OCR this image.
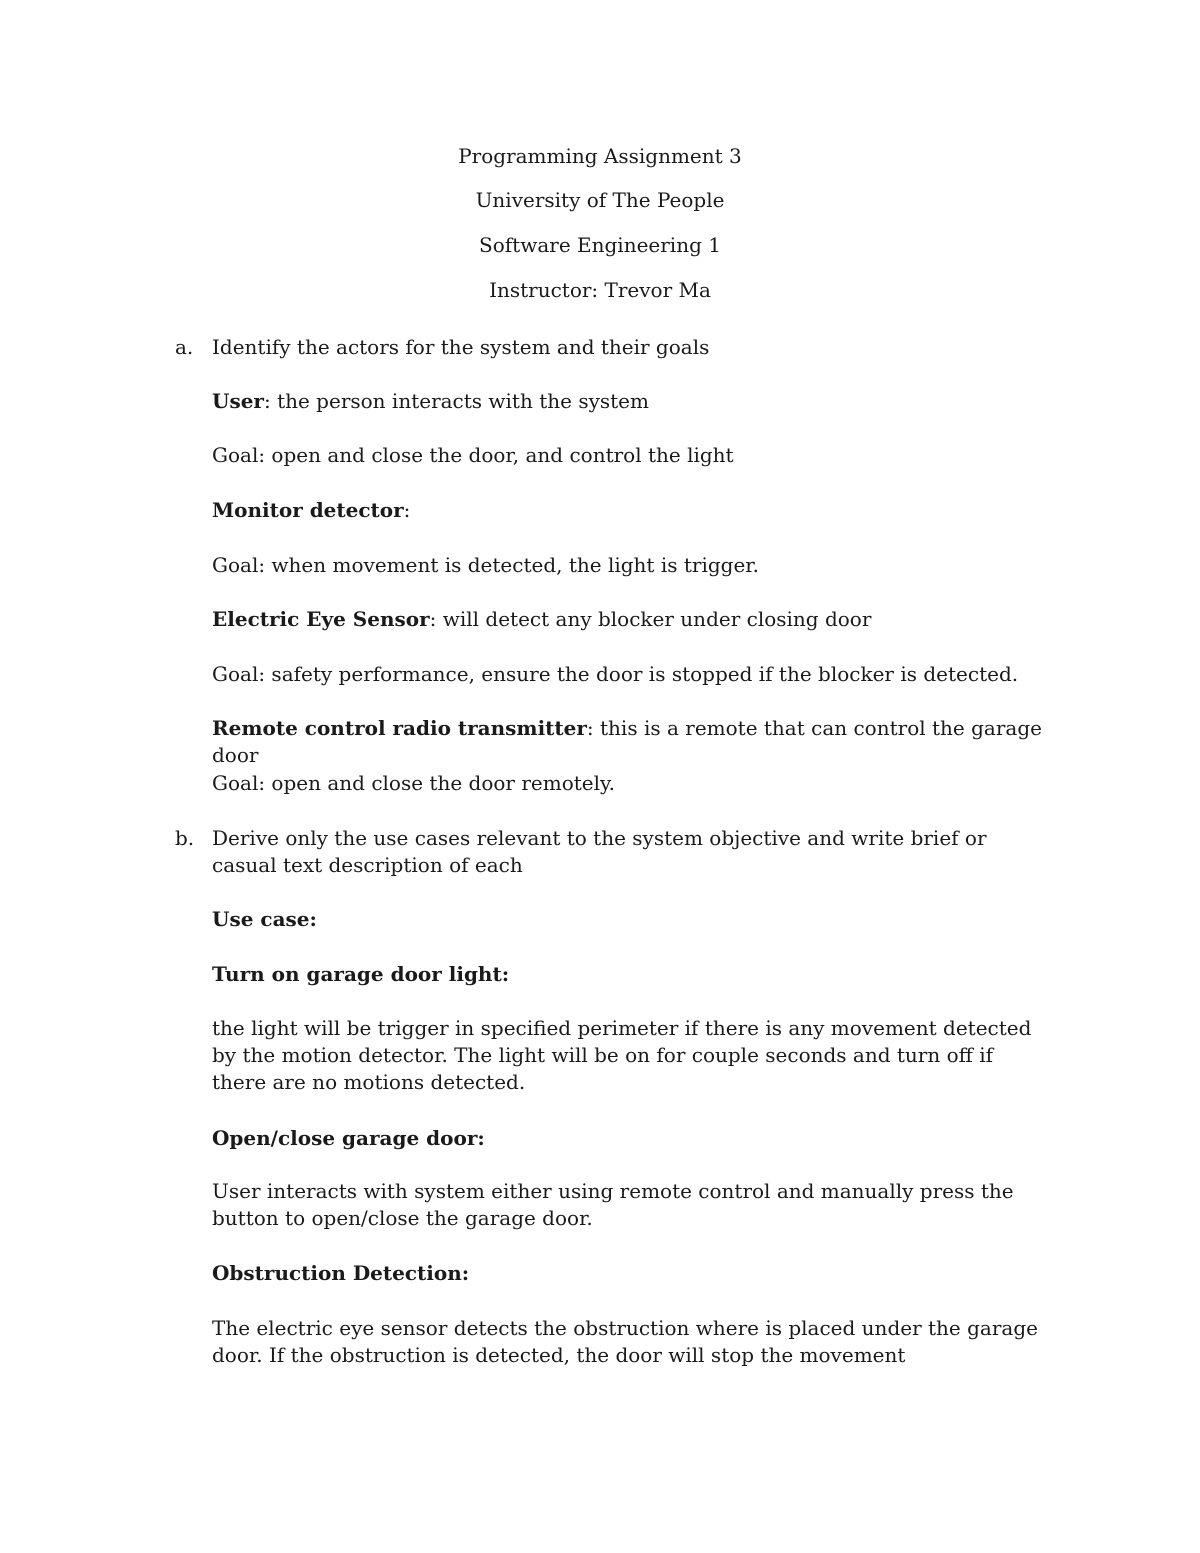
Programming Assignment 3
University of The People
Software Engineering 1
Instructor: Trevor Ma
a. Identify the actors for the system and their goals
User: the person interacts with the system
Goal: open and close the door, and control the light
Monitor detector:
Goal: when movement is detected, the light is trigger.
Electric Eye Sensor: will detect any blocker under closing door
Goal: safety performance, ensure the door is stopped if the blocker is detected.
Remote control radio transmitter: this is a remote that can control the garage door
Goal: open and close the door remotely.
b. Derive only the use cases relevant to the system objective and write brief or casual text description of each
Use case:
Turn on garage door light:
the light will be trigger in specified perimeter if there is any movement detected by the motion detector. The light will be on for couple seconds and turn off if there are no motions detected.
Open/close garage door:
User interacts with system either using remote control and manually press the button to open/close the garage door.
Obstruction Detection:
The electric eye sensor detects the obstruction where is placed under the garage door. If the obstruction is detected, the door will stop the movement
